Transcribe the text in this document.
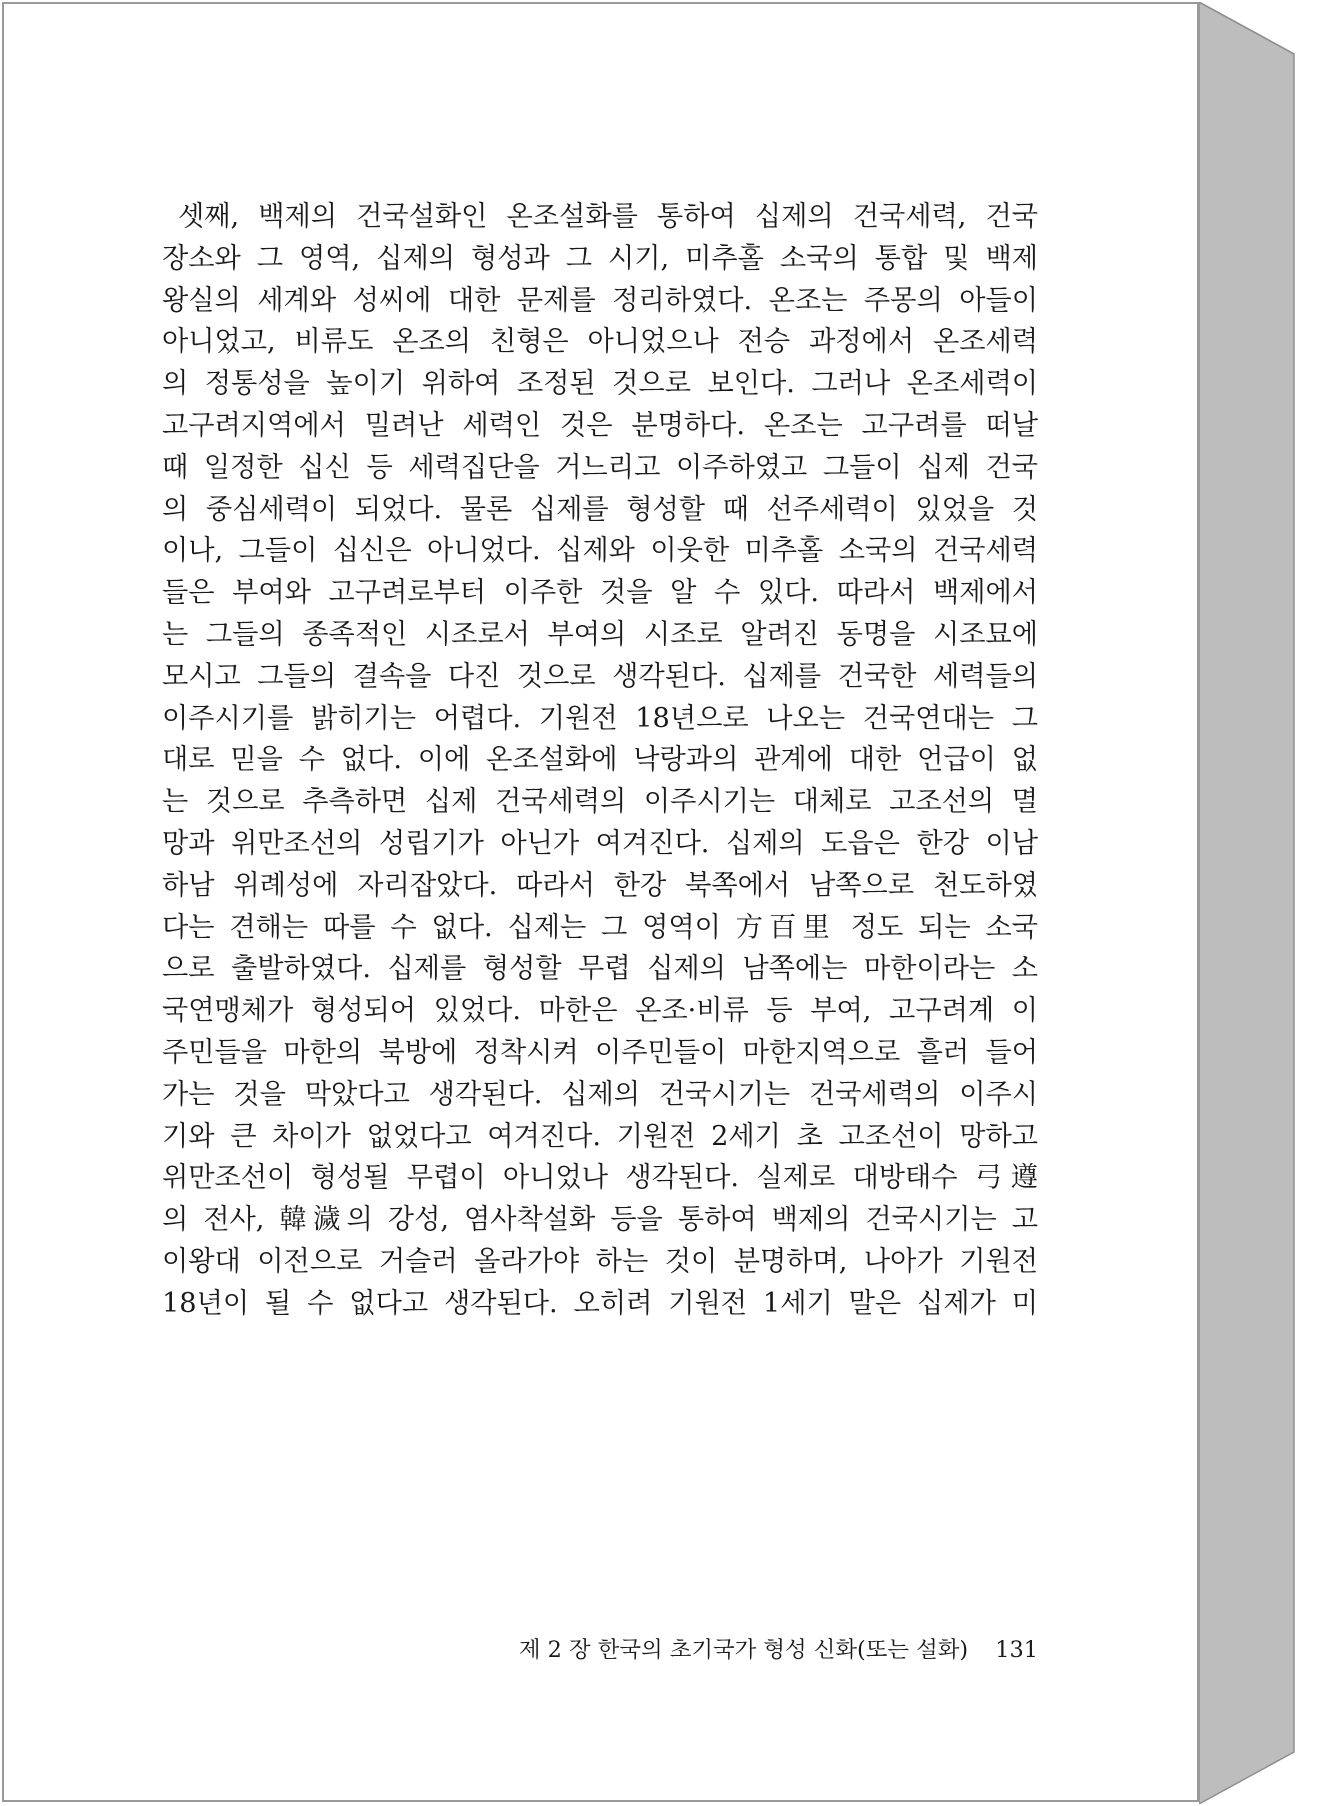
셋째, 백제의 건국설화인 온조설화를 통하여 십제의 건국세력, 건국
장소와 그 영역, 십제의 형성과 그 시기, 미추홀 소국의 통합 및 백제
왕실의 세계와 성씨에 대한 문제를 정리하였다. 온조는 주몽의 아들이
아니었고, 비류도 온조의 친형은 아니었으나 전승 과정에서 온조세력
의 정통성을 높이기 위하여 조정된 것으로 보인다. 그러나 온조세력이
고구려지역에서 밀려난 세력인 것은 분명하다. 온조는 고구려를 떠날
때 일정한 십신 등 세력집단을 거느리고 이주하였고 그들이 십제 건국
의 중심세력이 되었다. 물론 십제를 형성할 때 선주세력이 있었을 것
이나, 그들이 십신은 아니었다. 십제와 이웃한 미추홀 소국의 건국세력
들은 부여와 고구려로부터 이주한 것을 알 수 있다. 따라서 백제에서
는 그들의 종족적인 시조로서 부여의 시조로 알려진 동명을 시조묘에
모시고 그들의 결속을 다진 것으로 생각된다. 십제를 건국한 세력들의
이주시기를 밝히기는 어렵다. 기원전 18년으로 나오는 건국연대는 그
대로 믿을 수 없다. 이에 온조설화에 낙랑과의 관계에 대한 언급이 없
는 것으로 추측하면 십제 건국세력의 이주시기는 대체로 고조선의 멸
망과 위만조선의 성립기가 아닌가 여겨진다. 십제의 도읍은 한강 이남
하남 위례성에 자리잡았다. 따라서 한강 북쪽에서 남쪽으로 천도하였
다는 견해는 따를 수 없다. 십제는 그 영역이 方百里 정도 되는 소국
으로 출발하였다. 십제를 형성할 무렵 십제의 남쪽에는 마한이라는 소
국연맹체가 형성되어 있었다. 마한은 온조·비류 등 부여, 고구려계 이
주민들을 마한의 북방에 정착시켜 이주민들이 마한지역으로 흘러 들어
가는 것을 막았다고 생각된다. 십제의 건국시기는 건국세력의 이주시
기와 큰 차이가 없었다고 여겨진다. 기원전 2세기 초 고조선이 망하고
위만조선이 형성될 무렵이 아니었나 생각된다. 실제로 대방태수 弓遵
의 전사, 韓濊의 강성, 염사착설화 등을 통하여 백제의 건국시기는 고
이왕대 이전으로 거슬러 올라가야 하는 것이 분명하며, 나아가 기원전
18년이 될 수 없다고 생각된다. 오히려 기원전 1세기 말은 십제가 미
제 2 장 한국의 초기국가 형성 신화(또는 설화) 131
